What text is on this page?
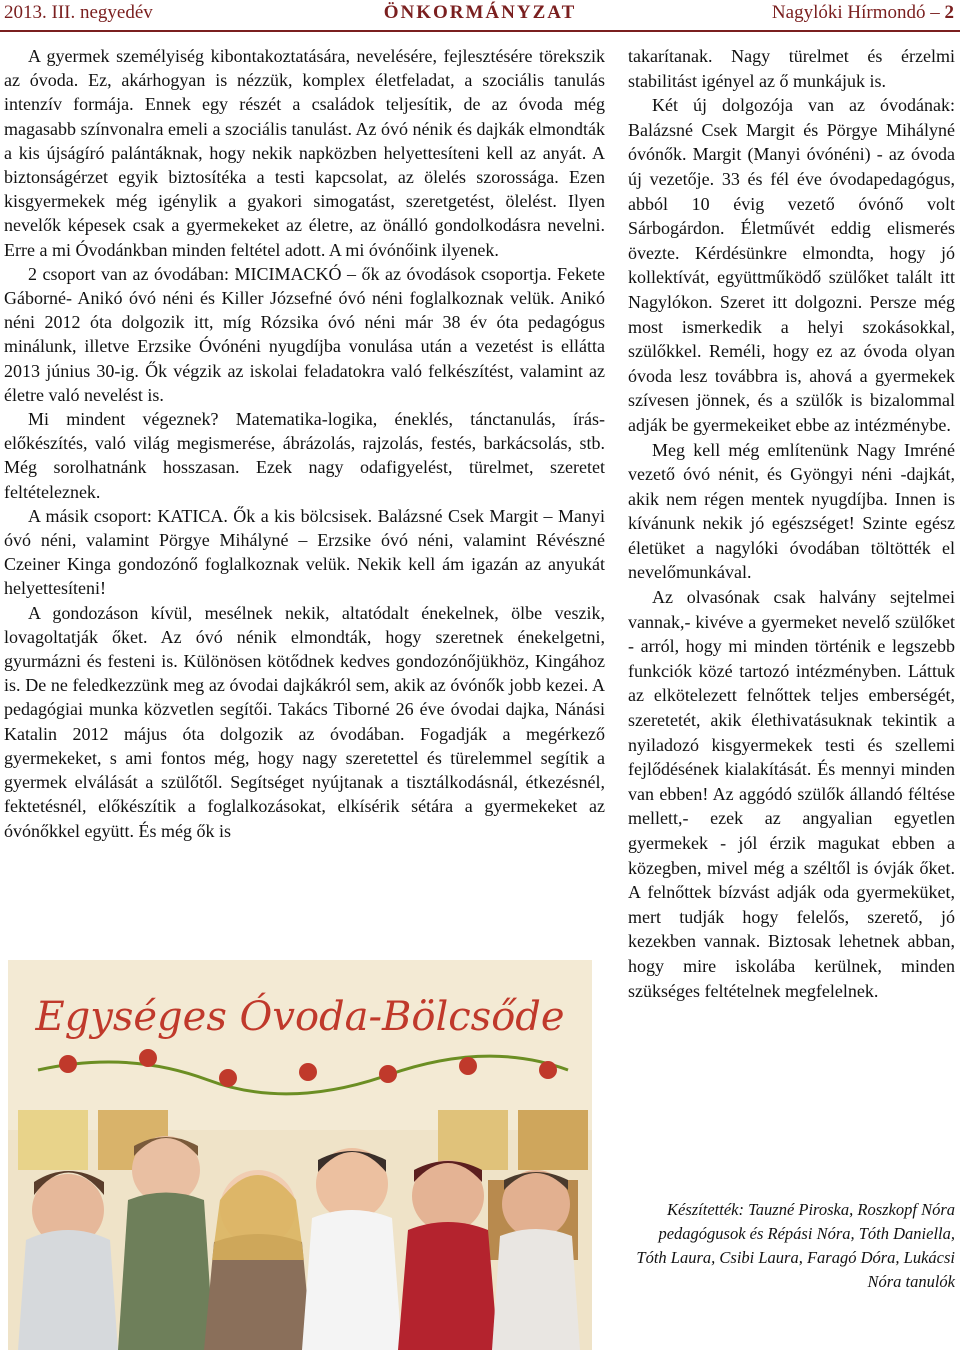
2013. III. negyedév	ÖNKORMÁNYZAT	Nagylóki Hírmondó – 2

A gyermek személyiség kibontakoztatására, nevelésére, fejlesztésére törekszik az óvoda. Ez, akárhogyan is nézzük, komplex életfeladat, a szociális tanulás intenzív formája. Ennek egy részét a családok teljesítik, de az óvoda még magasabb színvonalra emeli a szociális tanulást. Az óvó nénik és dajkák elmondták a kis újságíró palántáknak, hogy nekik napközben helyettesíteni kell az anyát. A biztonságérzet egyik biztosítéka a testi kapcsolat, az ölelés szorossága. Ezen kisgyermekek még igénylik a gyakori simogatást, szeretgetést, ölelést. Ilyen nevelők képesek csak a gyermekeket az életre, az önálló gondolkodásra nevelni. Erre a mi Óvodánkban minden feltétel adott. A mi óvónőink ilyenek.

2 csoport van az óvodában: MICIMACKÓ – ők az óvodások csoportja. Fekete Gáborné- Anikó óvó néni és Killer Józsefné óvó néni foglalkoznak velük. Anikó néni 2012 óta dolgozik itt, míg Rózsika óvó néni már 38 év óta pedagógus minálunk, illetve Erzsike Óvónéni nyugdíjba vonulása után a vezetést is ellátta 2013 június 30-ig. Ők végzik az iskolai feladatokra való felkészítést, valamint az életre való nevelést is.

Mi mindent végeznek? Matematika-logika, éneklés, tánctanulás, írás-előkészítés, való világ megismerése, ábrázolás, rajzolás, festés, barkácsolás, stb. Még sorolhatnánk hosszasan. Ezek nagy odafigyelést, türelmet, szeretet feltételeznek.

A másik csoport: KATICA. Ők a kis bölcsisek. Balázsné Csek Margit – Manyi óvó néni, valamint Pörgye Mihályné – Erzsike óvó néni, valamint Révészné Czeiner Kinga gondozónő foglalkoznak velük. Nekik kell ám igazán az anyukát helyettesíteni!

A gondozáson kívül, mesélnek nekik, altatódalt énekelnek, ölbe veszik, lovagoltatják őket. Az óvó nénik elmondták, hogy szeretnek énekelgetni, gyurmázni és festeni is. Különösen kötődnek kedves gondozónőjükhöz, Kingához is. De ne feledkezzünk meg az óvodai dajkákról sem, akik az óvónők jobb kezei. A pedagógiai munka közvetlen segítői. Takács Tiborné 26 éve óvodai dajka, Nánási Katalin 2012 május óta dolgozik az óvodában. Fogadják a megérkező gyermekeket, s ami fontos még, hogy nagy szeretettel és türelemmel segítik a gyermek elválását a szülőtől. Segítséget nyújtanak a tisztálkodásnál, étkezésnél, fektetésnél, előkészítik a foglalkozásokat, elkísérik sétára a gyermekeket az óvónőkkel együtt. És még ők is

Egységes Óvoda-Bölcsőde

takarítanak. Nagy türelmet és érzelmi stabilitást igényel az ő munkájuk is.

Két új dolgozója van az óvodának: Balázsné Csek Margit és Pörgye Mihályné óvónők. Margit (Manyi óvónéni) - az óvoda új vezetője. 33 és fél éve óvodapedagógus, abból 10 évig vezető óvónő volt Sárbogárdon. Életművét eddig elismerés övezte. Kérdésünkre elmondta, hogy jó kollektívát, együttműködő szülőket talált itt Nagylókon. Szeret itt dolgozni. Persze még most ismerkedik a helyi szokásokkal, szülőkkel. Reméli, hogy ez az óvoda olyan óvoda lesz továbbra is, ahová a gyermekek szívesen jönnek, és a szülők is bizalommal adják be gyermekeiket ebbe az intézménybe.

Meg kell még említenünk Nagy Imréné vezető óvó nénit, és Gyöngyi néni -dajkát, akik nem régen mentek nyugdíjba. Innen is kívánunk nekik jó egészséget! Szinte egész életüket a nagylóki óvodában töltötték el nevelőmunkával.

Az olvasónak csak halvány sejtelmei vannak,- kivéve a gyermeket nevelő szülőket - arról, hogy mi minden történik e legszebb funkciók közé tartozó intézményben. Láttuk az elkötelezett felnőttek teljes emberségét, szeretetét, akik élethivatásuknak tekintik a nyiladozó kisgyermekek testi és szellemi fejlődésének kialakítását. És mennyi minden van ebben! Az aggódó szülők állandó féltése mellett,- ezek az angyalian egyetlen gyermekek - jól érzik magukat ebben a közegben, mivel még a széltől is óvják őket. A felnőttek bízvást adják oda gyermeküket, mert tudják hogy felelős, szerető, jó kezekben vannak. Biztosak lehetnek abban, hogy mire iskolába kerülnek, minden szükséges feltételnek megfelelnek.

Készítették: Tauzné Piroska, Roszkopf Nóra pedagógusok és Répási Nóra, Tóth Daniella, Tóth Laura, Csibi Laura, Faragó Dóra, Lukácsi Nóra tanulók
